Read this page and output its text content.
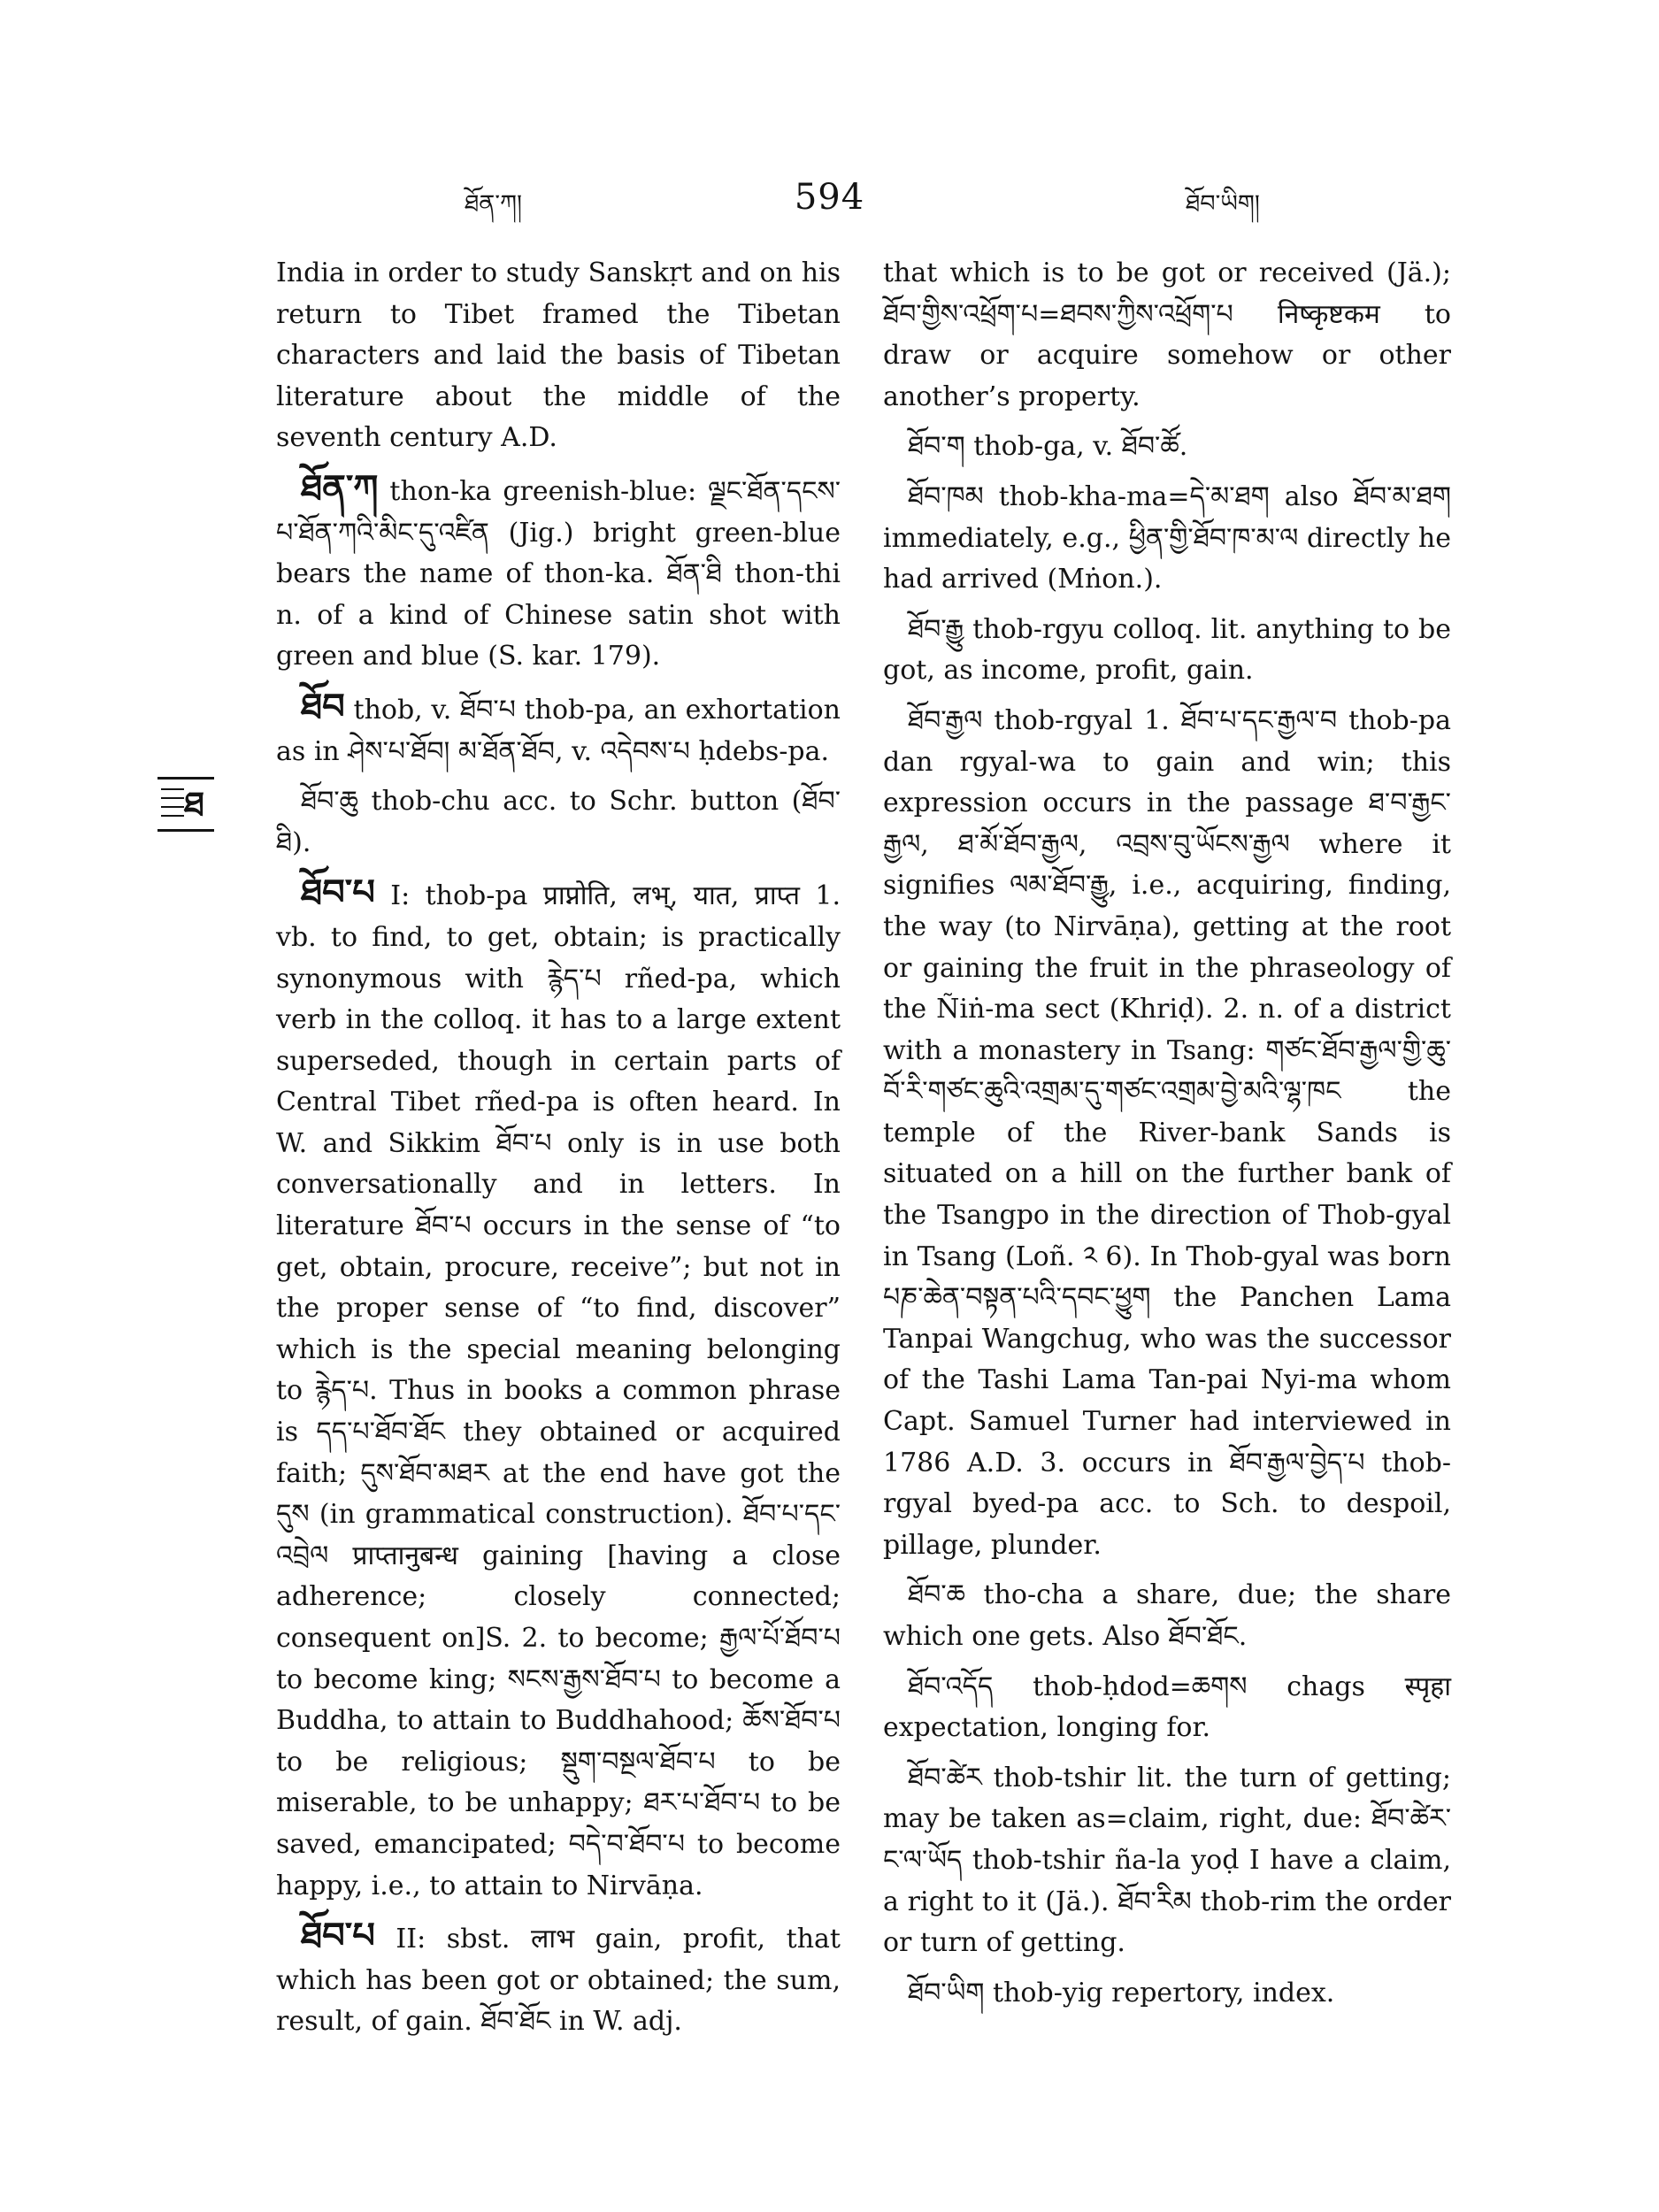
ཐོན་ཀ།	594	ཐོབ་ཡིག།
ཐ

India in order to study Sanskṛt and on his return to Tibet framed the Tibetan characters and laid the basis of Tibetan literature about the middle of the seventh century A.D.

ཐོན་ཀ thon-ka greenish-blue: ལྗང་ཐོན་དངས་པ་ཐོན་ཀའི་མིང་དུ་འཛིན (Jig.) bright green-blue bears the name of thon-ka. ཐོན་ཐི thon-thi n. of a kind of Chinese satin shot with green and blue (S. kar. 179).

ཐོབ thob, v. ཐོབ་པ thob-pa, an exhortation as in ཤེས་པ་ཐོབ། མ་ཐོན་ཐོབ, v. འདེབས་པ ḥdebs-pa.

ཐོབ་ཆུ thob-chu acc. to Schr. button (ཐོབ་ཐི).

ཐོབ་པ I: thob-pa प्राप्नोति, लभ्, यात, प्राप्त 1. vb. to find, to get, obtain; is practically synonymous with རྙེད་པ rñed-pa, which verb in the colloq. it has to a large extent superseded, though in certain parts of Central Tibet rñed-pa is often heard. In W. and Sikkim ཐོབ་པ only is in use both conversationally and in letters. In literature ཐོབ་པ occurs in the sense of “to get, obtain, procure, receive”; but not in the proper sense of “to find, discover” which is the special meaning belonging to རྙེད་པ. Thus in books a common phrase is དད་པ་ཐོབ་ཐོང they obtained or acquired faith; དུས་ཐོབ་མཐར at the end have got the དུས (in grammatical construction). ཐོབ་པ་དང་འབྲེལ प्राप्तानुबन्ध gaining [having a close adherence; closely connected; consequent on]S. 2. to become; རྒྱལ་པོ་ཐོབ་པ to become king; སངས་རྒྱས་ཐོབ་པ to become a Buddha, to attain to Buddhahood; ཆོས་ཐོབ་པ to be religious; སྡུག་བསྔལ་ཐོབ་པ to be miserable, to be unhappy; ཐར་པ་ཐོབ་པ to be saved, emancipated; བདེ་བ་ཐོབ་པ to become happy, i.e., to attain to Nirvāṇa.

ཐོབ་པ II: sbst. लाभ gain, profit, that which has been got or obtained; the sum, result, of gain. ཐོབ་ཐོང in W. adj.

that which is to be got or received (Jä.); ཐོབ་གྱིས་འཕྲོག་པ=ཐབས་ཀྱིས་འཕྲོག་པ निष्कृष्टकम to draw or acquire somehow or other another’s property.

ཐོབ་ག thob-ga, v. ཐོབ་ཚོ.

ཐོབ་ཁམ thob-kha-ma=དེ་མ་ཐག also ཐོབ་མ་ཐག immediately, e.g., ཕྱིན་གྱི་ཐོབ་ཁ་མ་ལ directly he had arrived (Mṅon.).

ཐོབ་རྒྱུ thob-rgyu colloq. lit. anything to be got, as income, profit, gain.

ཐོབ་རྒྱལ thob-rgyal 1. ཐོབ་པ་དང་རྒྱལ་བ thob-pa dan rgyal-wa to gain and win; this expression occurs in the passage ཐ་བ་རྒྱང་རྒྱལ, ཐ་མོ་ཐོབ་རྒྱལ, འབྲས་བུ་ཡོངས་རྒྱལ where it signifies ལམ་ཐོབ་རྒྱུ, i.e., acquiring, finding, the way (to Nirvāṇa), getting at the root or gaining the fruit in the phraseology of the Ñiṅ-ma sect (Khriḍ). 2. n. of a district with a monastery in Tsang: གཙང་ཐོབ་རྒྱལ་གྱི་ཆུ་བོ་རི་གཙང་ཆུའི་འགྲམ་དུ་གཙང་འགྲམ་བྱེ་མའི་ལྷ་ཁང the temple of the River-bank Sands is situated on a hill on the further bank of the Tsangpo in the direction of Thob-gyal in Tsang (Loñ. ༢ 6). In Thob-gyal was born པཎ་ཆེན་བསྟན་པའི་དབང་ཕྱུག the Panchen Lama Tanpai Wangchug, who was the successor of the Tashi Lama Tan-pai Nyi-ma whom Capt. Samuel Turner had interviewed in 1786 A.D. 3. occurs in ཐོབ་རྒྱལ་བྱེད་པ thob-rgyal byed-pa acc. to Sch. to despoil, pillage, plunder.

ཐོབ་ཆ tho-cha a share, due; the share which one gets. Also ཐོབ་ཐོང.

ཐོབ་འདོད thob-ḥdod=ཆགས chags स्पृहा expectation, longing for.

ཐོབ་ཚེར thob-tshir lit. the turn of getting; may be taken as=claim, right, due: ཐོབ་ཚེར་ང་ལ་ཡོད thob-tshir ña-la yoḍ I have a claim, a right to it (Jä.). ཐོབ་རིམ thob-rim the order or turn of getting.

ཐོབ་ཡིག thob-yig repertory, index.
